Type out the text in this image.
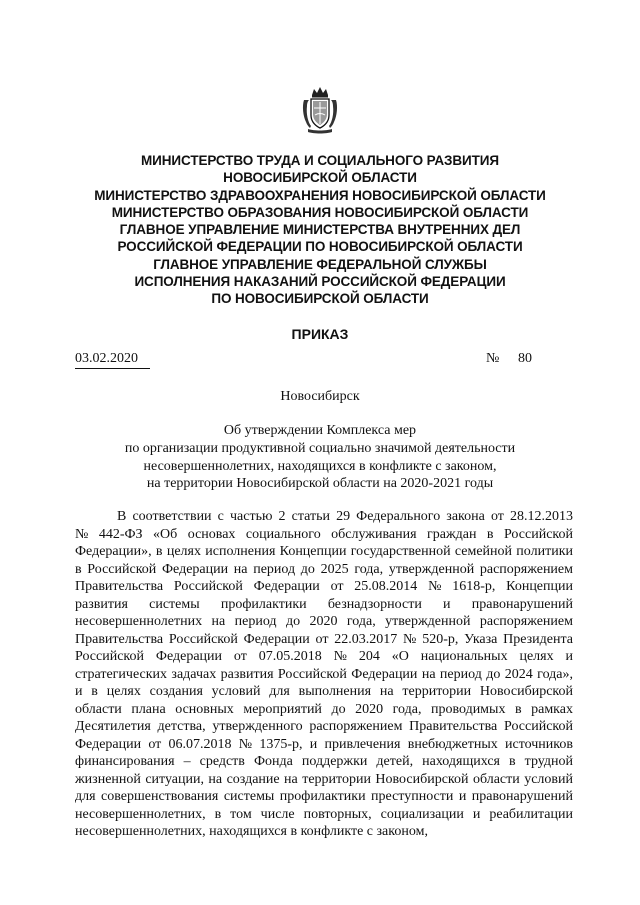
МИНИСТЕРСТВО ТРУДА И СОЦИАЛЬНОГО РАЗВИТИЯ
НОВОСИБИРСКОЙ ОБЛАСТИ
МИНИСТЕРСТВО ЗДРАВООХРАНЕНИЯ НОВОСИБИРСКОЙ ОБЛАСТИ
МИНИСТЕРСТВО ОБРАЗОВАНИЯ НОВОСИБИРСКОЙ ОБЛАСТИ
ГЛАВНОЕ УПРАВЛЕНИЕ МИНИСТЕРСТВА ВНУТРЕННИХ ДЕЛ
РОССИЙСКОЙ ФЕДЕРАЦИИ ПО НОВОСИБИРСКОЙ ОБЛАСТИ
ГЛАВНОЕ УПРАВЛЕНИЕ ФЕДЕРАЛЬНОЙ СЛУЖБЫ
ИСПОЛНЕНИЯ НАКАЗАНИЙ РОССИЙСКОЙ ФЕДЕРАЦИИ
ПО НОВОСИБИРСКОЙ ОБЛАСТИ
ПРИКАЗ
03.02.2020	№ 80
Новосибирск
Об утверждении Комплекса мер
по организации продуктивной социально значимой деятельности
несовершеннолетних, находящихся в конфликте с законом,
на территории Новосибирской области на 2020-2021 годы
В соответствии с частью 2 статьи 29 Федерального закона от 28.12.2013
№ 442-ФЗ «Об основах социального обслуживания граждан в Российской
Федерации», в целях исполнения Концепции государственной семейной политики
в Российской Федерации на период до 2025 года, утвержденной распоряжением
Правительства Российской Федерации от 25.08.2014 № 1618-р, Концепции
развития системы профилактики безнадзорности и правонарушений
несовершеннолетних на период до 2020 года, утвержденной распоряжением
Правительства Российской Федерации от 22.03.2017 № 520-р, Указа Президента
Российской Федерации от 07.05.2018 № 204 «О национальных целях и
стратегических задачах развития Российской Федерации на период до 2024 года»,
и в целях создания условий для выполнения на территории Новосибирской
области плана основных мероприятий до 2020 года, проводимых в рамках
Десятилетия детства, утвержденного распоряжением Правительства Российской
Федерации от 06.07.2018 № 1375-р, и привлечения внебюджетных источников
финансирования – средств Фонда поддержки детей, находящихся в трудной
жизненной ситуации, на создание на территории Новосибирской области условий
для совершенствования системы профилактики преступности и правонарушений
несовершеннолетних, в том числе повторных, социализации и реабилитации
несовершеннолетних, находящихся в конфликте с законом,
